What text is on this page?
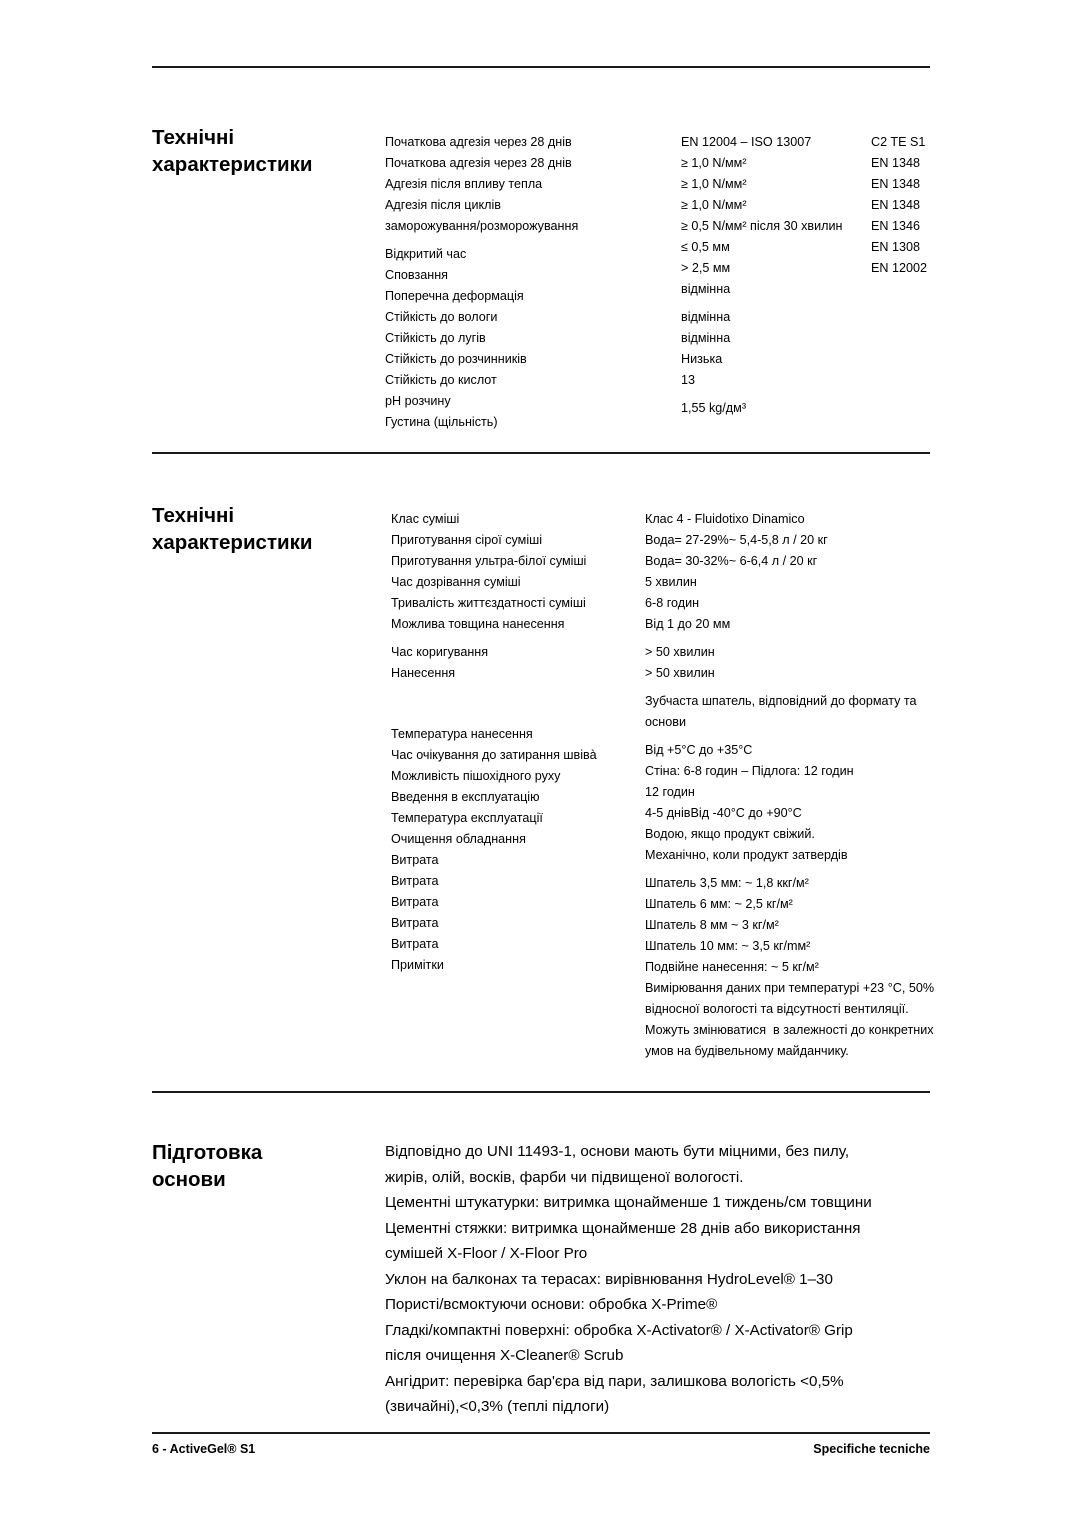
Технічні
характеристики
Початкова адгезія через 28 днів
Початкова адгезія через 28 днів
Адгезія після впливу тепла
Адгезія після циклів
заморожування/розморожування
Відкритий час
Сповзання
Поперечна деформація
Стійкість до вологи
Стійкість до лугів
Стійкість до розчинників
Стійкість до кислот
pH розчину
Густина (щільність)
EN 12004 – ISO 13007
≥ 1,0 N/мм²
≥ 1,0 N/мм²
≥ 1,0 N/мм²
≥ 0,5 N/мм² після 30 хвилин
≤ 0,5 мм
> 2,5 мм
відмінна
відмінна
відмінна
Низька
13
1,55 kg/дм³
C2 TE S1
EN 1348
EN 1348
EN 1348
EN 1346
EN 1308
EN 12002
Технічні
характеристики
Клас суміші
Приготування сірої суміші
Приготування ультра-білої суміші
Час дозрівання суміші
Тривалість життєздатності суміші
Можлива товщина нанесення
Час коригування
Нанесення
Температура нанесення
Час очікування до затирання швівà
Можливість пішохідного руху
Введення в експлуатацію
Температура експлуатації
Очищення обладнання
Витрата
Витрата
Витрата
Витрата
Витрата
Примітки
Клас 4 - Fluidotixo Dinamico
Вода= 27-29%~ 5,4-5,8 л / 20 кг
Вода= 30-32%~ 6-6,4 л / 20 кг
5 хвилин
6-8 годин
Від 1 до 20 мм
> 50 хвилин
> 50 хвилин
Зубчаста шпатель, відповідний до формату та основи
Від +5°C до +35°C
Стіна: 6-8 годин – Підлога: 12 годин
12 годин
4-5 днівВід -40°C до +90°C
Водою, якщо продукт свіжий.
Механічно, коли продукт затвердів
Шпатель 3,5 мм: ~ 1,8 ккг/м²
Шпатель 6 мм: ~ 2,5 кг/м²
Шпатель 8 мм ~ 3 кг/м²
Шпатель 10 мм: ~ 3,5 кг/mм²
Подвійне нанесення: ~ 5 кг/м²
Вимірювання даних при температурі +23 °C, 50% відносної вологості та відсутності вентиляції. Можуть змінюватися  в залежності до конкретних умов на будівельному майданчику.
Підготовка
основи
Відповідно до UNI 11493-1, основи мають бути міцними, без пилу,
жирів, олій, восків, фарби чи підвищеної вологості.
Цементні штукатурки: витримка щонайменше 1 тиждень/см товщини
Цементні стяжки: витримка щонайменше 28 днів або використання
сумішей X-Floor / X-Floor Pro
Уклон на балконах та терасах: вирівнювання HydroLevel® 1–30
Пористі/всмоктуючи основи: обробка X-Prime®
Гладкі/компактні поверхні: обробка X-Activator® / X-Activator® Grip
після очищення X-Cleaner® Scrub
Ангідрит: перевірка бар'єра від пари, залишкова вологість <0,5%
(звичайні),<0,3% (теплі підлоги)
6 - ActiveGel® S1	Specifiche tecniche
